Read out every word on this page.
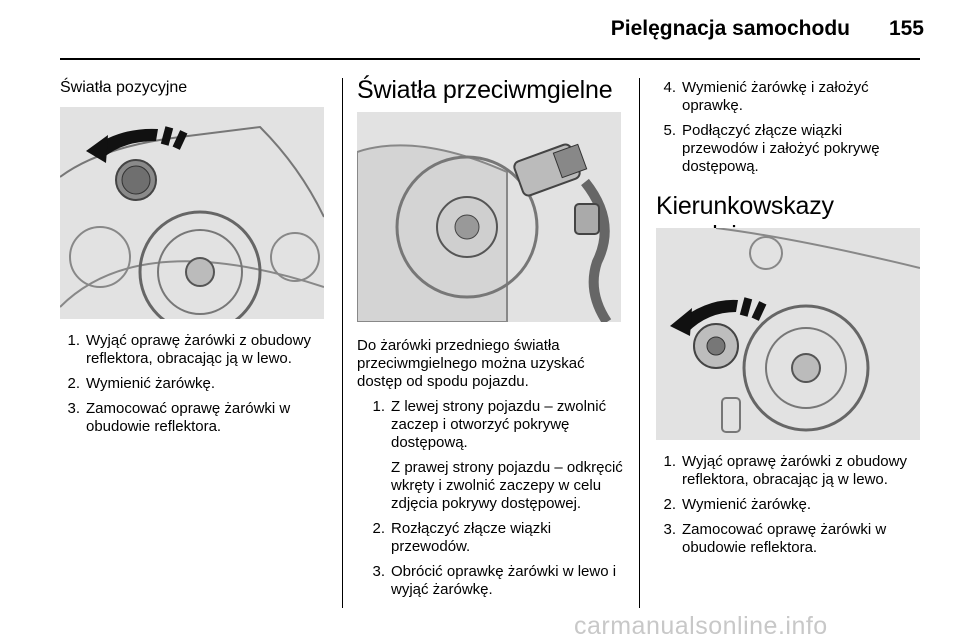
Pielęgnacja samochodu	155
Światła pozycyjne
1. Wyjąć oprawę żarówki z obudowy reflektora, obracając ją w lewo.
2. Wymienić żarówkę.
3. Zamocować oprawę żarówki w obudowie reflektora.
Światła przeciwmgielne

Do żarówki przedniego światła przeciwmgielnego można uzyskać dostęp od spodu pojazdu.

1. Z lewej strony pojazdu – zwolnić zaczep i otworzyć pokrywę dostępową.
Z prawej strony pojazdu – odkręcić wkręty i zwolnić zaczepy w celu zdjęcia pokrywy dostępowej.
2. Rozłączyć złącze wiązki przewodów.
3. Obrócić oprawkę żarówki w lewo i wyjąć żarówkę.
4. Wymienić żarówkę i założyć oprawkę.
5. Podłączyć złącze wiązki przewodów i założyć pokrywę dostępową.
Kierunkowskazy
1. Wyjąć oprawę żarówki z obudowy reflektora, obracając ją w lewo.
2. Wymienić żarówkę.
3. Zamocować oprawę żarówki w obudowie reflektora.
carmanualsonline.info
